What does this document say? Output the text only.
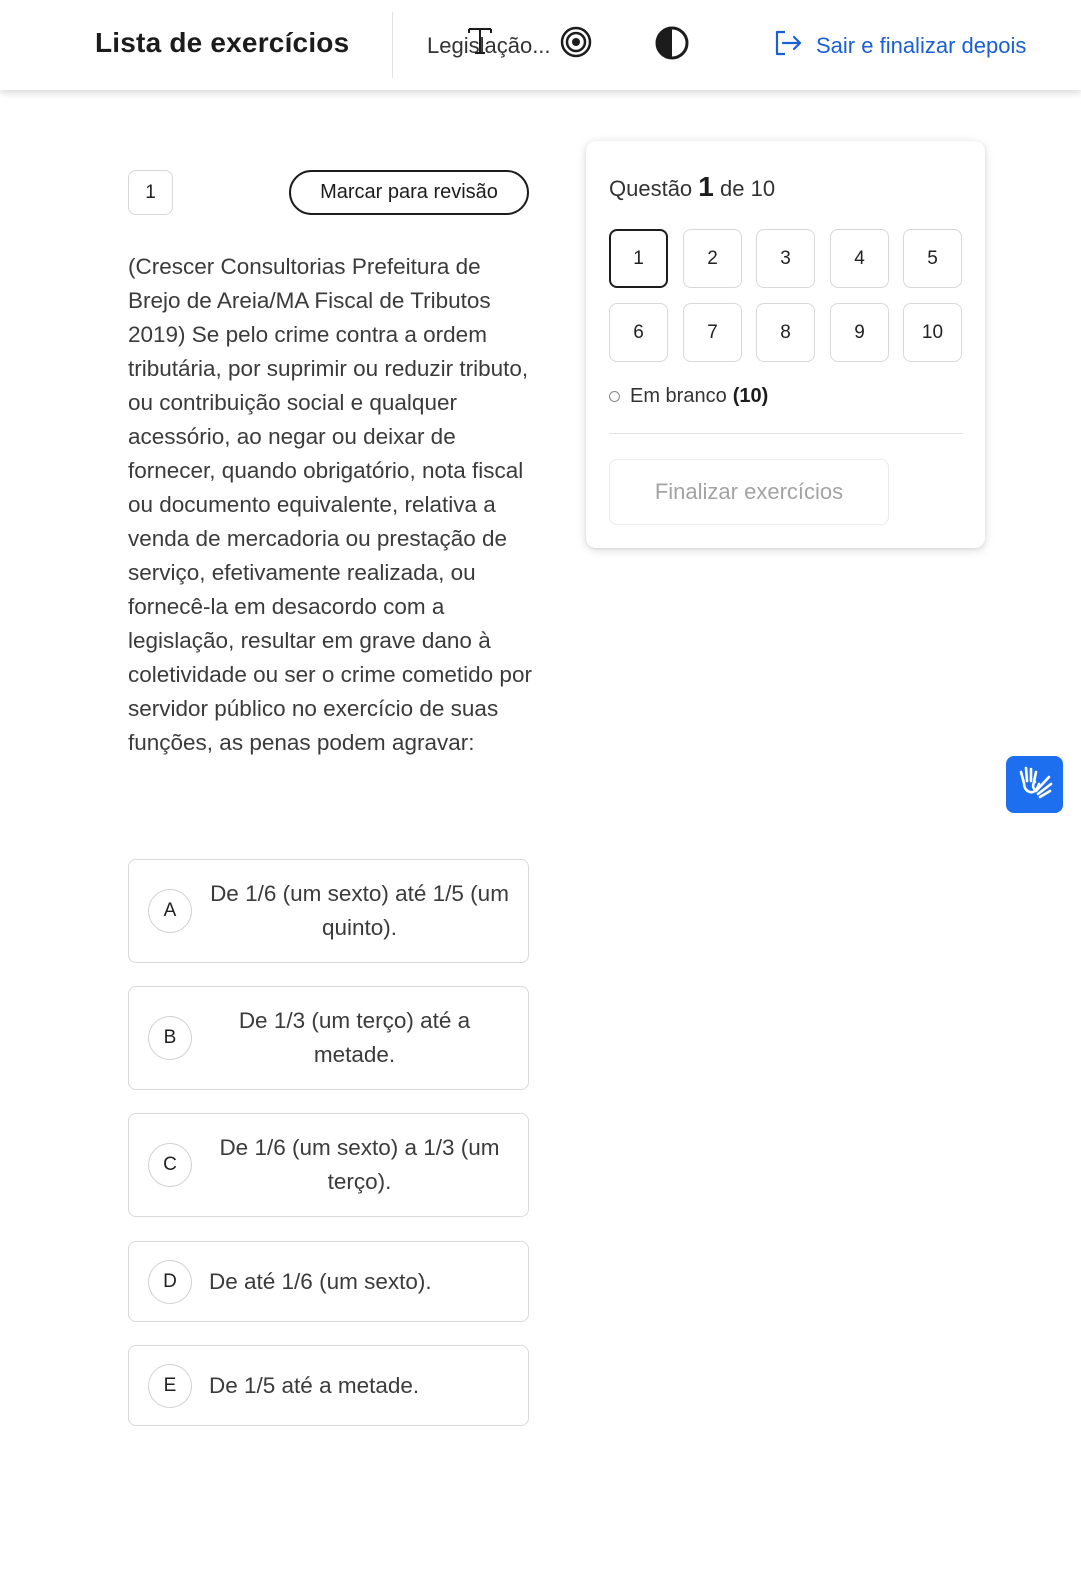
Lista de exercícios	Legislação...	Sair e finalizar depois
1	Marcar para revisão
(Crescer Consultorias Prefeitura de Brejo de Areia/MA Fiscal de Tributos 2019) Se pelo crime contra a ordem tributária, por suprimir ou reduzir tributo, ou contribuição social e qualquer acessório, ao negar ou deixar de fornecer, quando obrigatório, nota fiscal ou documento equivalente, relativa a venda de mercadoria ou prestação de serviço, efetivamente realizada, ou fornecê-la em desacordo com a legislação, resultar em grave dano à coletividade ou ser o crime cometido por servidor público no exercício de suas funções, as penas podem agravar:
A
De 1/6 (um sexto) até 1/5 (um quinto).
B
De 1/3 (um terço) até a metade.
C
De 1/6 (um sexto) a 1/3 (um terço).
D	De até 1/6 (um sexto).
E	De 1/5 até a metade.
Questão 1 de 10
1	2	3	4	5
6	7	8	9	10
Em branco (10)
Finalizar exercícios
